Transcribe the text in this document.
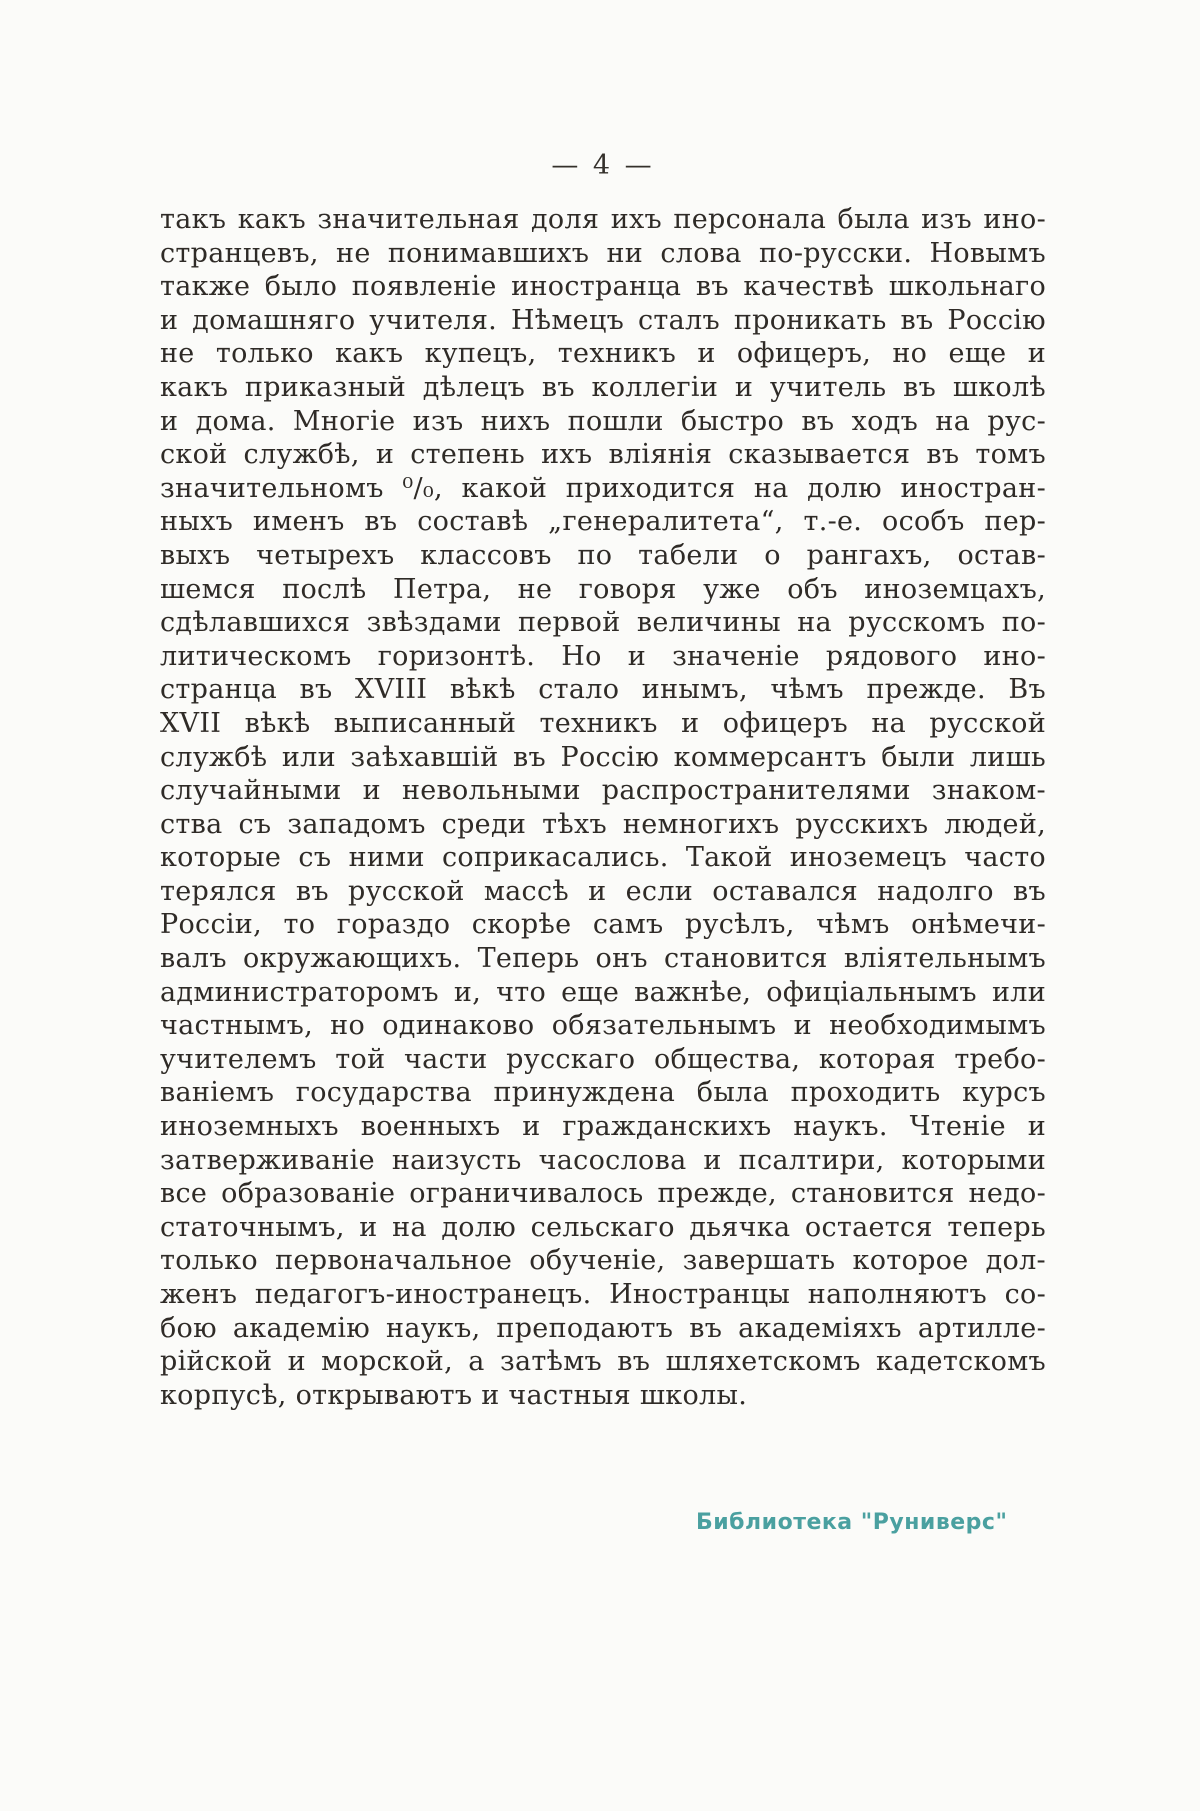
— 4 —
такъ какъ значительная доля ихъ персонала была изъ ино-
странцевъ, не понимавшихъ ни слова по-русски. Новымъ
также было появленіе иностранца въ качествѣ школьнаго
и домашняго учителя. Нѣмецъ сталъ проникать въ Россію
не только какъ купецъ, техникъ и офицеръ, но еще и
какъ приказный дѣлецъ въ коллегіи и учитель въ школѣ
и дома. Многіе изъ нихъ пошли быстро въ ходъ на рус-
ской службѣ, и степень ихъ вліянія сказывается въ томъ
значительномъ ⁰/₀, какой приходится на долю иностран-
ныхъ именъ въ составѣ „генералитета“, т.-е. особъ пер-
выхъ четырехъ классовъ по табели о рангахъ, остав-
шемся послѣ Петра, не говоря уже объ иноземцахъ,
сдѣлавшихся звѣздами первой величины на русскомъ по-
литическомъ горизонтѣ. Но и значеніе рядового ино-
странца въ XVIII вѣкѣ стало инымъ, чѣмъ прежде. Въ
XVII вѣкѣ выписанный техникъ и офицеръ на русской
службѣ или заѣхавшій въ Россію коммерсантъ были лишь
случайными и невольными распространителями знаком-
ства съ западомъ среди тѣхъ немногихъ русскихъ людей,
которые съ ними соприкасались. Такой иноземецъ часто
терялся въ русской массѣ и если оставался надолго въ
Россіи, то гораздо скорѣе самъ русѣлъ, чѣмъ онѣмечи-
валъ окружающихъ. Теперь онъ становится вліятельнымъ
администраторомъ и, что еще важнѣе, офиціальнымъ или
частнымъ, но одинаково обязательнымъ и необходимымъ
учителемъ той части русскаго общества, которая требо-
ваніемъ государства принуждена была проходить курсъ
иноземныхъ военныхъ и гражданскихъ наукъ. Чтеніе и
затверживаніе наизусть часослова и псалтири, которыми
все образованіе ограничивалось прежде, становится недо-
статочнымъ, и на долю сельскаго дьячка остается теперь
только первоначальное обученіе, завершать которое дол-
женъ педагогъ-иностранецъ. Иностранцы наполняютъ со-
бою академію наукъ, преподаютъ въ академіяхъ артилле-
рійской и морской, а затѣмъ въ шляхетскомъ кадетскомъ
корпусѣ, открываютъ и частныя школы.
Библиотека "Руниверс"
